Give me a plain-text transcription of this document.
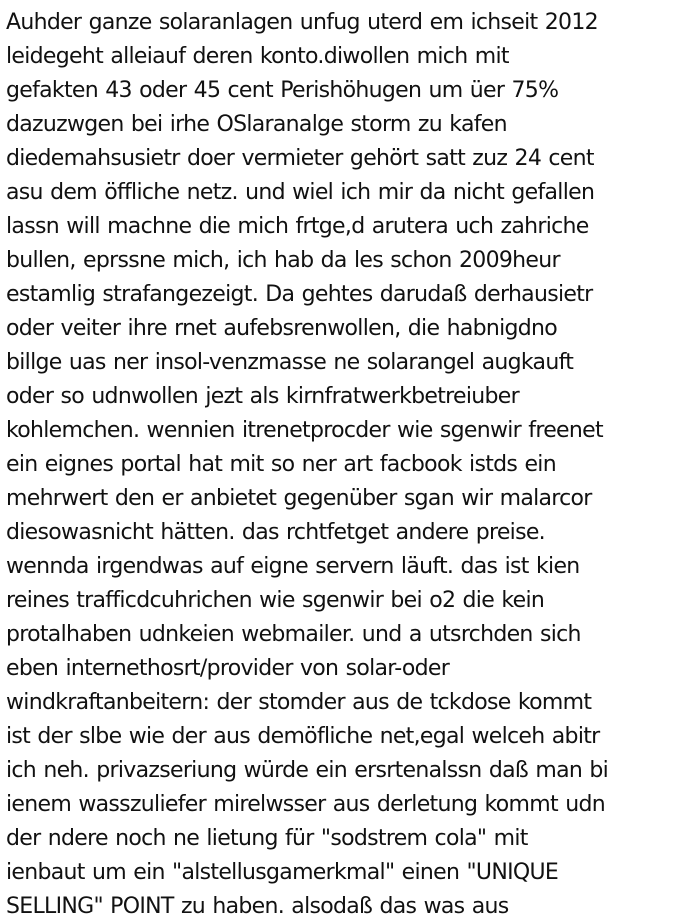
Auhder ganze solaranlagen unfug uterd em ichseit 2012
leidegeht alleiauf deren konto.diwollen mich mit
gefakten 43 oder 45 cent Perishöhugen um üer 75%
dazuzwgen bei irhe OSlaranalge storm zu kafen
diedemahsusietr doer vermieter gehört satt zuz 24 cent
asu dem öffliche netz. und wiel ich mir da nicht gefallen
lassn will machne die mich frtge,d arutera uch zahriche
bullen, eprssne mich, ich hab da les schon 2009heur
estamlig strafangezeigt. Da gehtes darudaß derhausietr
oder veiter ihre rnet aufebsrenwollen, die habnigdno
billge uas ner insol-venzmasse ne solarangel augkauft
oder so udnwollen jezt als kirnfratwerkbetreiuber
kohlemchen. wennien itrenetprocder wie sgenwir freenet
ein eignes portal hat mit so ner art facbook istds ein
mehrwert den er anbietet gegenüber sgan wir malarcor
diesowasnicht hätten. das rchtfetget andere preise.
wennda irgendwas auf eigne servern läuft. das ist kien
reines trafficdcuhrichen wie sgenwir bei o2 die kein
protalhaben udnkeien webmailer. und a utsrchden sich
eben internethosrt/provider von solar-oder
windkraftanbeitern: der stomder aus de tckdose kommt
ist der slbe wie der aus demöfliche net,egal welceh abitr
ich neh. privazseriung würde ein ersrtenalssn daß man bi
ienem wasszuliefer mirelwsser aus derletung kommt udn
der ndere noch ne lietung für "sodstrem cola" mit
ienbaut um ein "alstellusgamerkmal" einen "UNIQUE
SELLING" POINT zu haben. alsodaß das was aus
